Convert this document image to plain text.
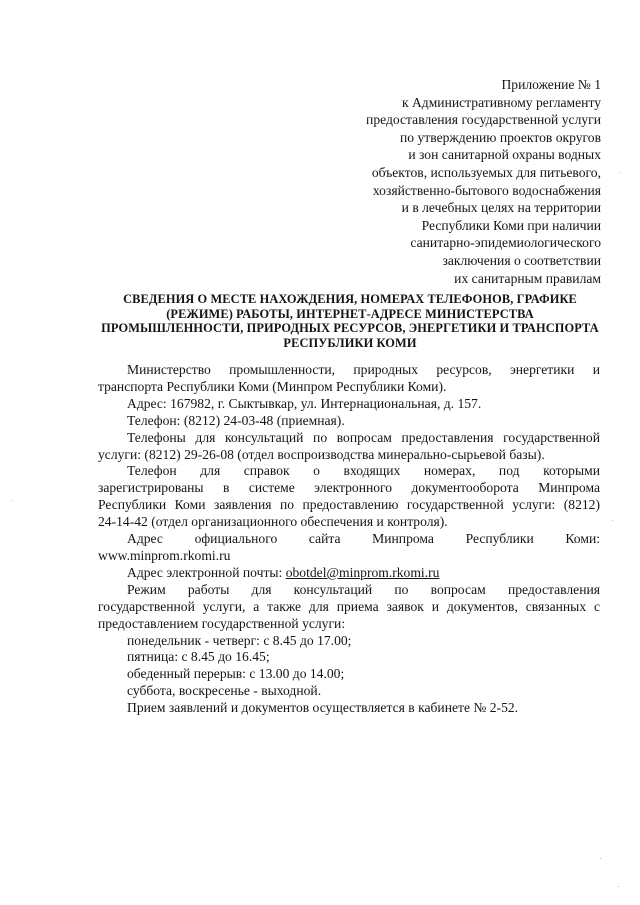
Приложение № 1
к Административному регламенту
предоставления государственной услуги
по утверждению проектов округов
и зон санитарной охраны водных
объектов, используемых для питьевого,
хозяйственно-бытового водоснабжения
и в лечебных целях на территории
Республики Коми при наличии
санитарно-эпидемиологического
заключения о соответствии
их санитарным правилам
СВЕДЕНИЯ О МЕСТЕ НАХОЖДЕНИЯ, НОМЕРАХ ТЕЛЕФОНОВ, ГРАФИКЕ
(РЕЖИМЕ) РАБОТЫ, ИНТЕРНЕТ-АДРЕСЕ МИНИСТЕРСТВА
ПРОМЫШЛЕННОСТИ, ПРИРОДНЫХ РЕСУРСОВ, ЭНЕРГЕТИКИ И ТРАНСПОРТА
РЕСПУБЛИКИ КОМИ

Министерство промышленности, природных ресурсов, энергетики и

транспорта Республики Коми (Минпром Республики Коми).

Адрес: 167982, г. Сыктывкар, ул. Интернациональная, д. 157.

Телефон: (8212) 24-03-48 (приемная).

Телефоны для консультаций по вопросам предоставления государственной

услуги: (8212) 29-26-08 (отдел воспроизводства минерально-сырьевой базы).

Телефон для справок о входящих номерах, под которыми

зарегистрированы в системе электронного документооборота Минпрома

Республики Коми заявления по предоставлению государственной услуги: (8212)

24-14-42 (отдел организационного обеспечения и контроля).

Адрес официального сайта Минпрома Республики Коми:

www.minprom.rkomi.ru

Адрес электронной почты: obotdel@minprom.rkomi.ru

Режим работы для консультаций по вопросам предоставления

государственной услуги, а также для приема заявок и документов, связанных с

предоставлением государственной услуги:

понедельник - четверг: с 8.45 до 17.00;

пятница: с 8.45 до 16.45;

обеденный перерыв: с 13.00 до 14.00;

суббота, воскресенье - выходной.

Прием заявлений и документов осуществляется в кабинете № 2-52.
